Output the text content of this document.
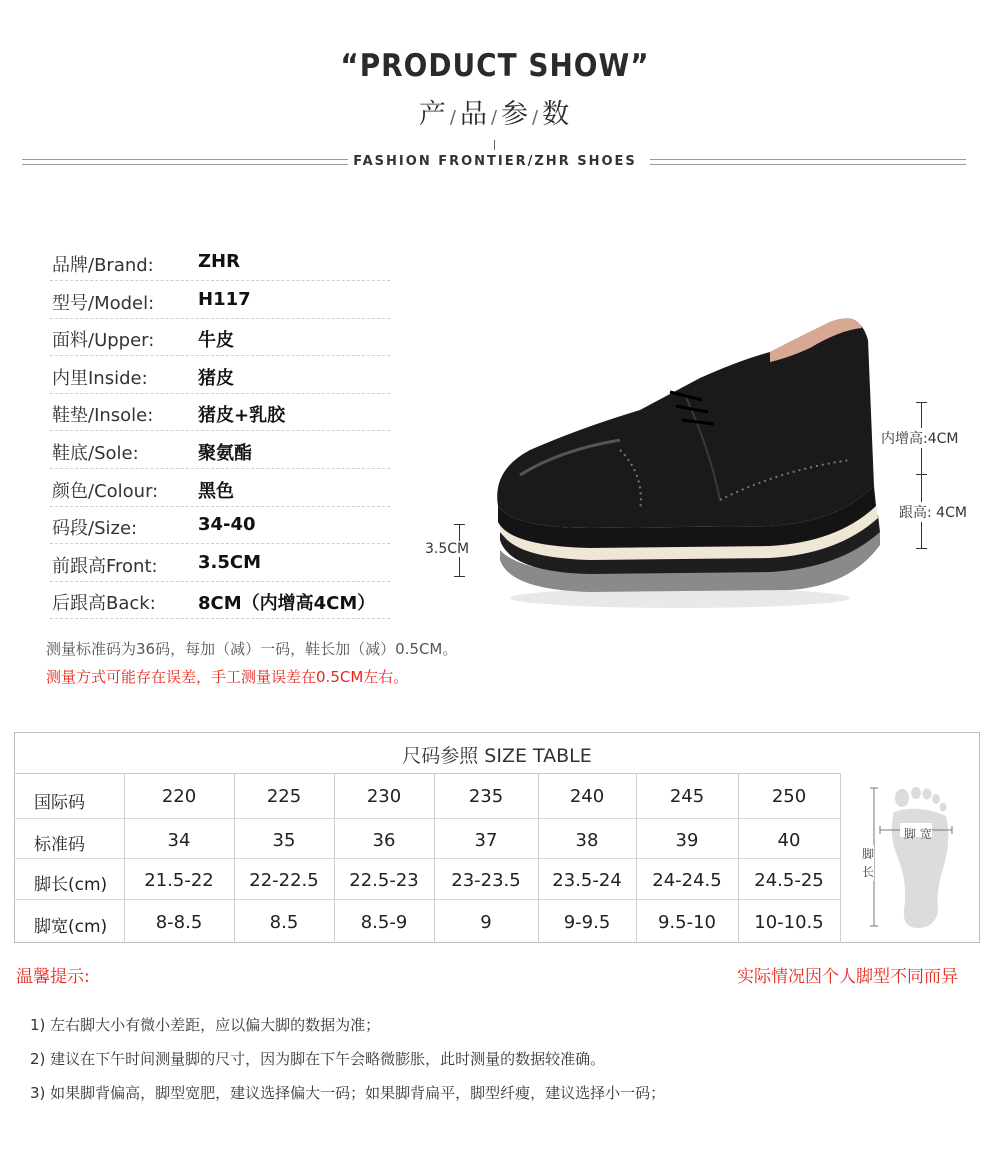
“PRODUCT SHOW”
产 /品 /参 /数
FASHION FRONTIER/ZHR SHOES
品牌/Brand: ZHR
型号/Model: H117
面料/Upper: 牛皮
内里Inside:	猪皮
鞋垫/Insole: 猪皮+乳胶
鞋底/Sole:	聚氨酯
颜色/Colour: 黑色
码段/Size:	34-40
前跟高Front: 3.5CM
后跟高Back: 8CM（内增高4CM）
测量标准码为36码，每加（减）一码，鞋长加（减）0.5CM。
测量方式可能存在误差，手工测量误差在0.5CM左右。
3.5CM
内增高:4CM
跟高: 4CM
尺码参照 SIZE TABLE
国际码	220	225	230	235	240	245	250
标准码	34	35	36	37	38	39	40
脚长(cm)	21.5-22	22-22.5	22.5-23	23-23.5	23.5-24	24-24.5	24.5-25
脚宽(cm)	8-8.5	8.5	8.5-9	9	9-9.5	9.5-10	10-10.5
脚 宽
脚
长
温馨提示:	实际情况因个人脚型不同而异
1) 左右脚大小有微小差距，应以偏大脚的数据为准；
2) 建议在下午时间测量脚的尺寸，因为脚在下午会略微膨胀，此时测量的数据较准确。
3) 如果脚背偏高，脚型宽肥，建议选择偏大一码；如果脚背扁平，脚型纤瘦，建议选择小一码；
